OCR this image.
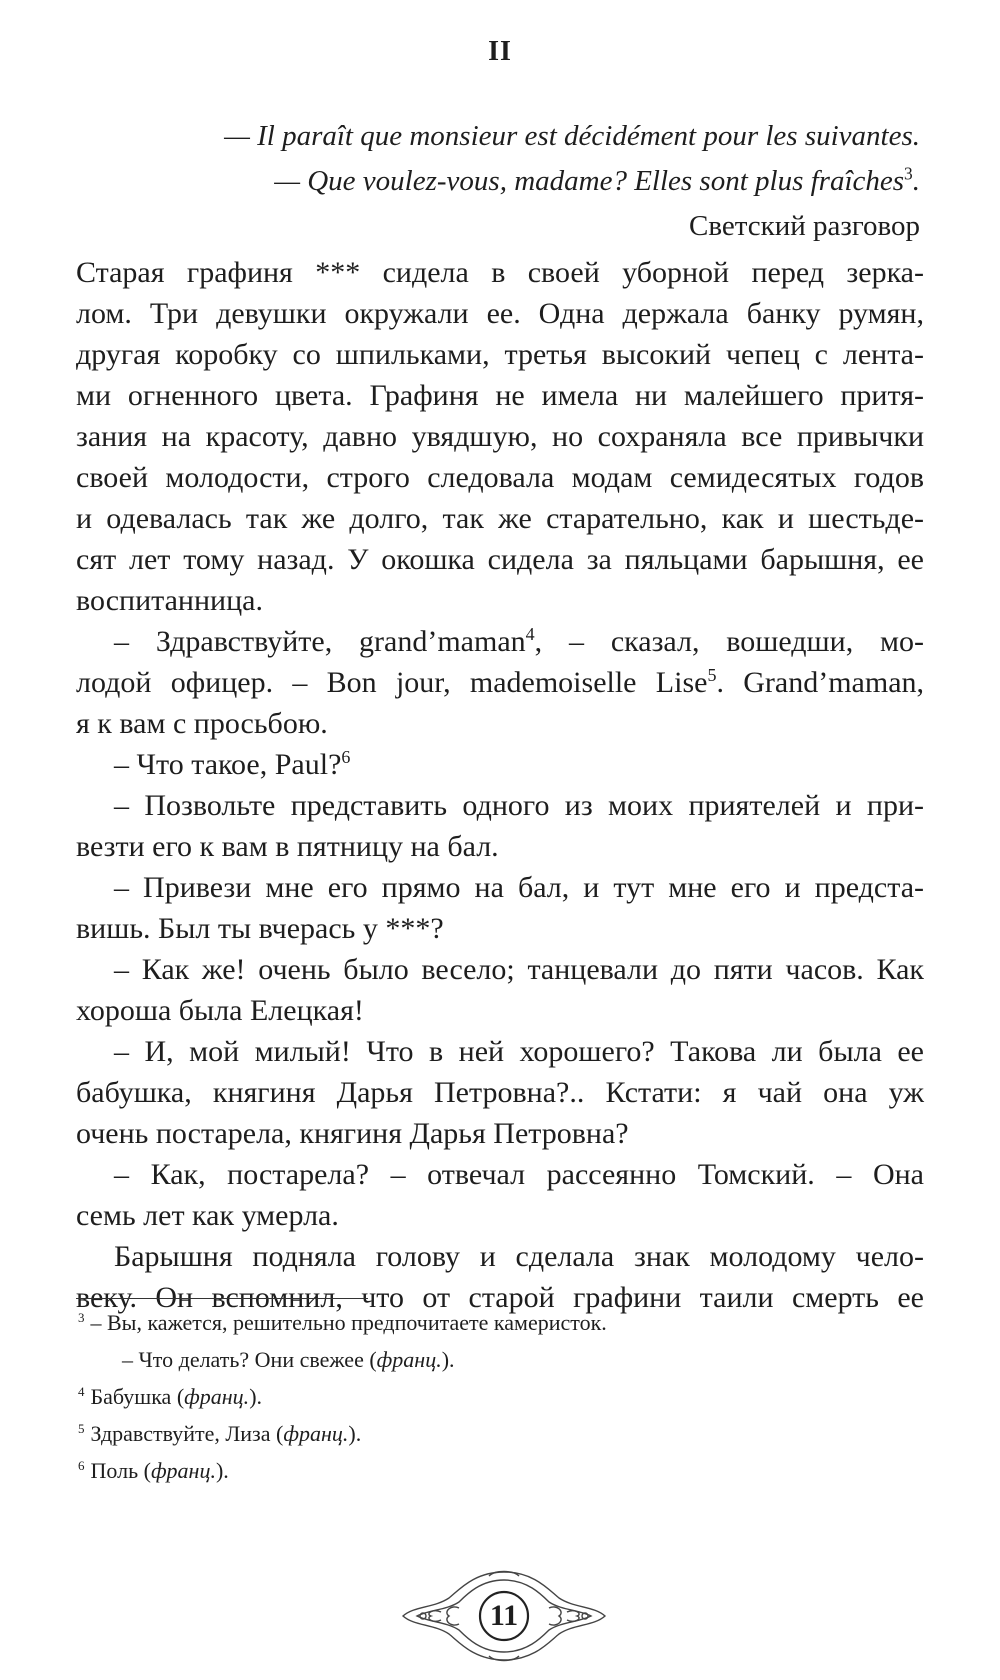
II
— Il paraît que monsieur est décidément pour les suivantes.
— Que voulez-vous, madame? Elles sont plus fraîches$^3$.
Светский разговор
Старая графиня *** сидела в своей уборной перед зерка-
лом. Три девушки окружали ее. Одна держала банку румян,
другая коробку со шпильками, третья высокий чепец с лента-
ми огненного цвета. Графиня не имела ни малейшего притя-
зания на красоту, давно увядшую, но сохраняла все привычки
своей молодости, строго следовала модам семидесятых годов
и одевалась так же долго, так же старательно, как и шестьде-
сят лет тому назад. У окошка сидела за пяльцами барышня, ее
воспитанница.
– Здравствуйте, grand’maman$^4$, – сказал, вошедши, мо-
лодой офицер. – Bon jour, mademoiselle Lise$^5$. Grand’maman,
я к вам с просьбою.
– Что такое, Paul?$^6$
– Позвольте представить одного из моих приятелей и при-
везти его к вам в пятницу на бал.
– Привези мне его прямо на бал, и тут мне его и предста-
вишь. Был ты вчерась у ***?
– Как же! очень было весело; танцевали до пяти часов. Как
хороша была Елецкая!
– И, мой милый! Что в ней хорошего? Такова ли была ее
бабушка, княгиня Дарья Петровна?.. Кстати: я чай она уж
очень постарела, княгиня Дарья Петровна?
– Как, постарела? – отвечал рассеянно Томский. – Она
семь лет как умерла.
Барышня подняла голову и сделала знак молодому чело-
веку. Он вспомнил, что от старой графини таили смерть ее
$^3$ – Вы, кажется, решительно предпочитаете камеристок.
– Что делать? Они свежее (франц.).
$^4$ Бабушка (франц.).
$^5$ Здравствуйте, Лиза (франц.).
$^6$ Поль (франц.).
11
